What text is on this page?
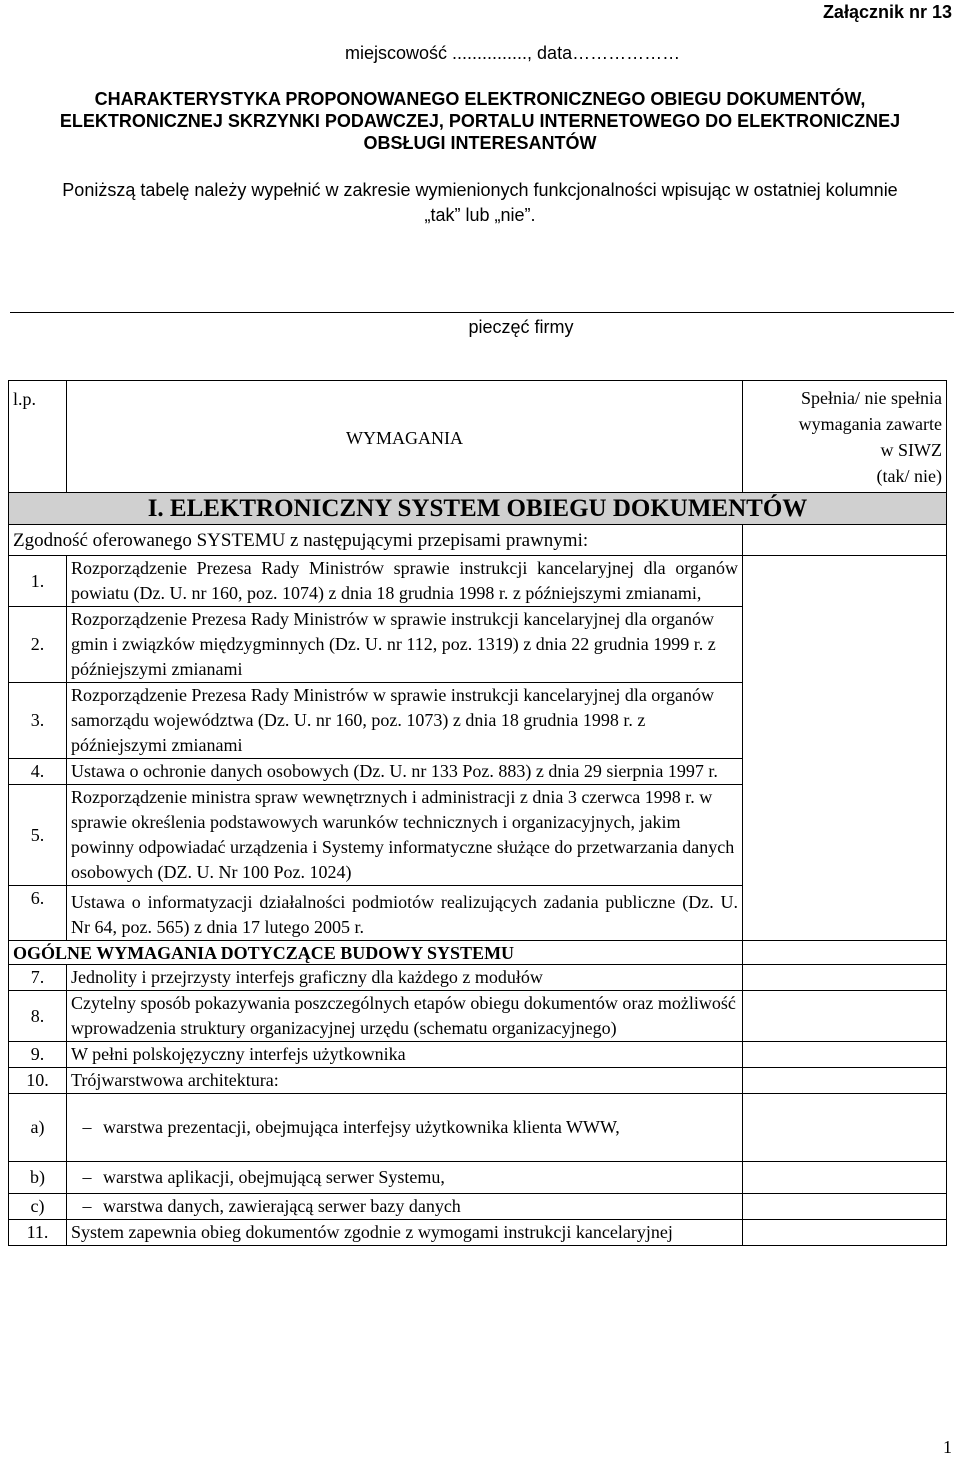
Załącznik nr 13
miejscowość ..............., data………………
CHARAKTERYSTYKA PROPONOWANEGO ELEKTRONICZNEGO OBIEGU DOKUMENTÓW,
ELEKTRONICZNEJ SKRZYNKI PODAWCZEJ, PORTALU INTERNETOWEGO DO ELEKTRONICZNEJ
OBSŁUGI INTERESANTÓW
Poniższą tabelę należy wypełnić w zakresie wymienionych funkcjonalności wpisując w ostatniej kolumnie
„tak” lub „nie”.
pieczęć firmy
l.p.	WYMAGANIA	Spełnia/ nie spełnia
wymagania zawarte
w SIWZ
(tak/ nie)

I. ELEKTRONICZNY SYSTEM OBIEGU DOKUMENTÓW		
Zgodność oferowanego SYSTEMU z następującymi przepisami prawnymi:		
1.	Rozporządzenie Prezesa Rady Ministrów sprawie instrukcji kancelaryjnej dla organów powiatu (Dz. U. nr 160, poz. 1074) z dnia 18 grudnia 1998 r. z późniejszymi zmianami,	
2.	Rozporządzenie Prezesa Rady Ministrów w sprawie instrukcji kancelaryjnej dla organów gmin i związków międzygminnych (Dz. U. nr 112, poz. 1319) z dnia 22 grudnia 1999 r. z późniejszymi zmianami	
3.	Rozporządzenie Prezesa Rady Ministrów w sprawie instrukcji kancelaryjnej dla organów samorządu województwa (Dz. U. nr 160, poz. 1073) z dnia 18 grudnia 1998 r. z późniejszymi zmianami	
4.	Ustawa o ochronie danych osobowych (Dz. U. nr 133 Poz. 883) z dnia 29 sierpnia 1997 r.	
5.	Rozporządzenie ministra spraw wewnętrznych i administracji z dnia 3 czerwca 1998 r. w sprawie określenia podstawowych warunków technicznych i organizacyjnych, jakim powinny odpowiadać urządzenia i Systemy informatyczne służące do przetwarzania danych osobowych (DZ. U. Nr 100 Poz. 1024)	
6.	Ustawa o informatyzacji działalności podmiotów realizujących zadania publiczne (Dz. U. Nr 64, poz. 565) z dnia 17 lutego 2005 r.	
OGÓLNE WYMAGANIA DOTYCZĄCE BUDOWY SYSTEMU		
7.	Jednolity i przejrzysty interfejs graficzny dla każdego z modułów	
8.	Czytelny sposób pokazywania poszczególnych etapów obiegu dokumentów oraz możliwość wprowadzenia struktury organizacyjnej urzędu (schematu organizacyjnego)	
9.	W pełni polskojęzyczny interfejs użytkownika	
10.	Trójwarstwowa architektura:	
a)	– warstwa prezentacji, obejmująca interfejsy użytkownika klienta WWW,	

b)	– warstwa aplikacji, obejmującą serwer Systemu,	

c)	– warstwa danych, zawierającą serwer bazy danych	

11.	System zapewnia obieg dokumentów zgodnie z wymogami instrukcji kancelaryjnej	
1
